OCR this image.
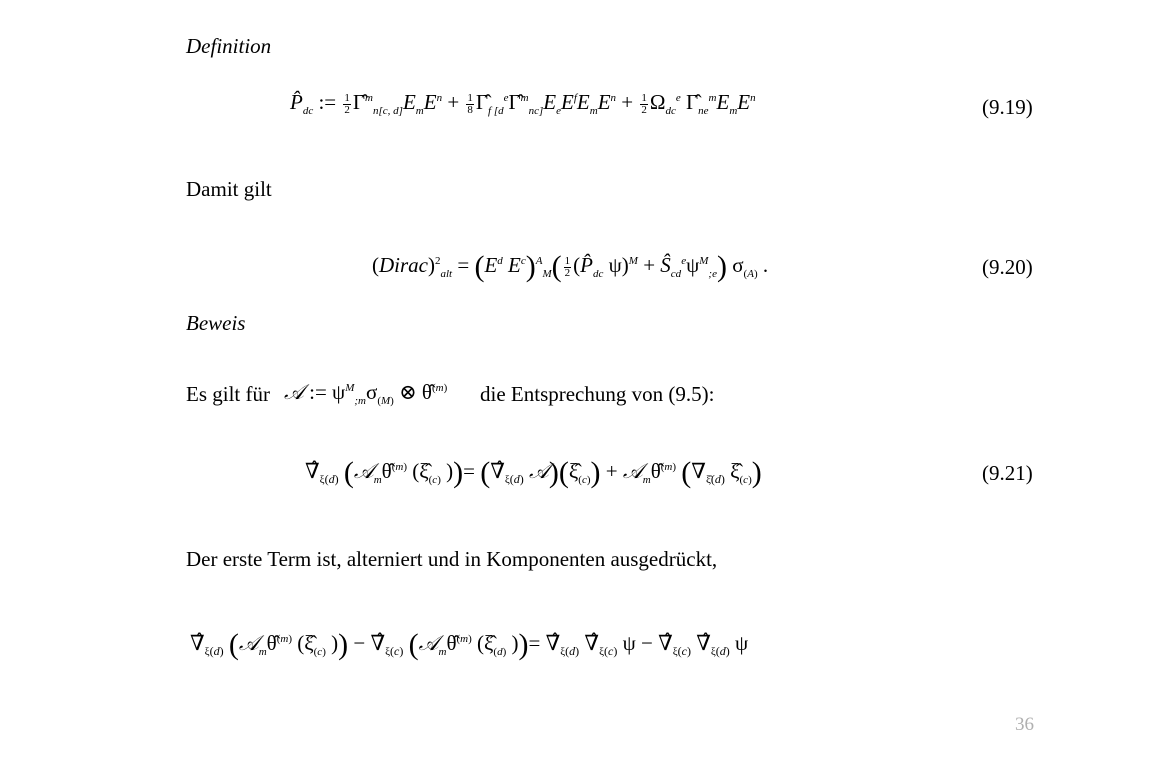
Definition
$P̂_{dc}$ := $\frac{1}{2}$ $\Gammâ^m_{n[c, d]}E_mE^n + \frac{1}{8}$ $\Gammâ_{f [d}^e\Gammâ^m_{nc]}E_eE^fE_mE^n + \frac{1}{2} \Omega_{dc}^e$ $\Gammâ_{ne}^mE_mE^n$	(9.19)
Damit gilt
(Dirac)$^2_{alt}$ = ($E^d$ $E^c)^A_M( \frac{1}{2}$ ($P̂_{dc}$ $\psi)^M + Ŝ_{cd}^e\psi^M_{;e}$) $\sigma_{(A)}$ .	(9.20)
Beweis
Es gilt für 𝒜 := $\psi^M_{;m}\sigma_{(M)}$ ⊗ θ̂$^{(m)}$ die Entsprechung von (9.5):
$\nablâ_{\xi(d)}$ (𝒜$_m$θ̂$^{(m)}$ ($\xî_{(c)}$ ))= ($\nablâ_{\xi(d)}$ $𝒜)(\xî_{(c)})$ + 𝒜$_m$θ̂$^{(m)}$ ($\nabla_{\xî(d)}$ $\xî_{(c)}$)	(9.21)
Der erste Term ist, alterniert und in Komponenten ausgedrückt,
$\nablâ_{\xi(d)}$ (𝒜$_m$θ̂$^{(m)}$ ($\xî_{(c)}$ )) − $\nablâ_{\xi(c)}$ (𝒜$_m$θ̂$^{(m)}$ ($\xî_{(d)}$ ))= $\nablâ_{\xi(d)}$ $\nablâ_{\xi(c)}$ $\psi - \nablâ_{\xi(c)}$ $\nablâ_{\xi(d)}$ ψ
36
